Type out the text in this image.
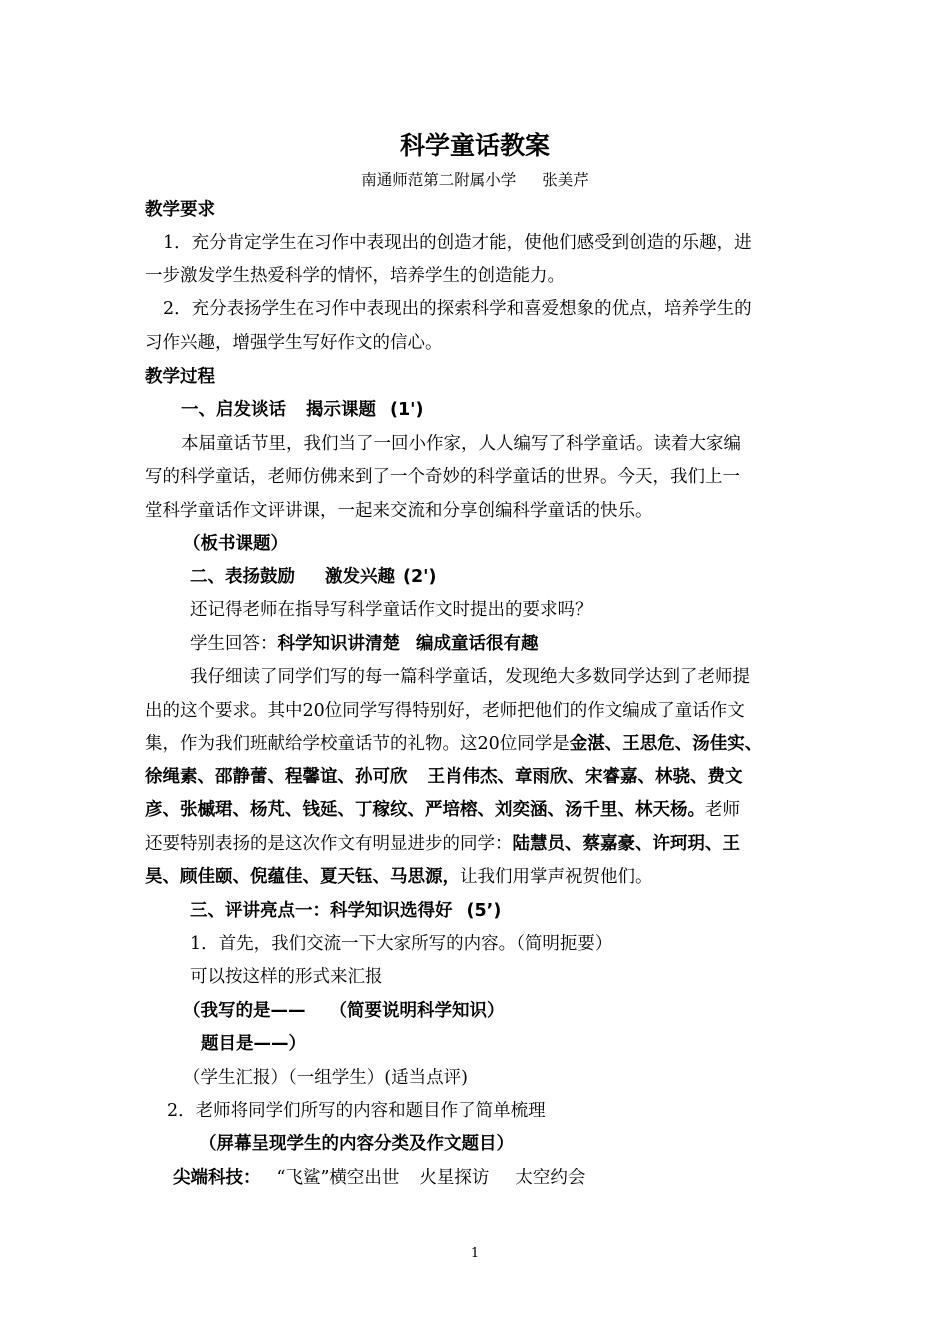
科学童话教案
南通师范第二附属小学 张美芹
教学要求
1．充分肯定学生在习作中表现出的创造才能，使他们感受到创造的乐趣，进
一步激发学生热爱科学的情怀，培养学生的创造能力。
2．充分表扬学生在习作中表现出的探索科学和喜爱想象的优点，培养学生的
习作兴趣，增强学生写好作文的信心。
教学过程
一、启发谈话 揭示课题 (1')
本届童话节里，我们当了一回小作家，人人编写了科学童话。读着大家编
写的科学童话，老师仿佛来到了一个奇妙的科学童话的世界。今天，我们上一
堂科学童话作文评讲课，一起来交流和分享创编科学童话的快乐。
（板书课题）
二、表扬鼓励 激发兴趣 (2')
还记得老师在指导写科学童话作文时提出的要求吗？
学生回答：科学知识讲清楚 编成童话很有趣
我仔细读了同学们写的每一篇科学童话，发现绝大多数同学达到了老师提
出的这个要求。其中20位同学写得特别好，老师把他们的作文编成了童话作文
集，作为我们班献给学校童话节的礼物。这20位同学是金湛、王思危、汤佳实、
徐绳素、邵静蕾、程馨谊、孙可欣 王肖伟杰、章雨欣、宋睿嘉、林骁、费文
彦、张槭珺、杨芃、钱延、丁稼纹、严培榕、刘奕涵、汤千里、林天杨。老师
还要特别表扬的是这次作文有明显进步的同学：陆慧员、蔡嘉豪、许珂玥、王
昊、顾佳颐、倪蕴佳、夏天钰、马思源，让我们用掌声祝贺他们。
三、评讲亮点一：科学知识选得好 (5’)
1．首先，我们交流一下大家所写的内容。（简明扼要）
可以按这样的形式来汇报
（我写的是—— （简要说明科学知识）
题目是——）
（学生汇报）（一组学生）(适当点评)
2．老师将同学们所写的内容和题目作了简单梳理
（屏幕呈现学生的内容分类及作文题目）
尖端科技： “飞鲨”横空出世 火星探访 太空约会
1
